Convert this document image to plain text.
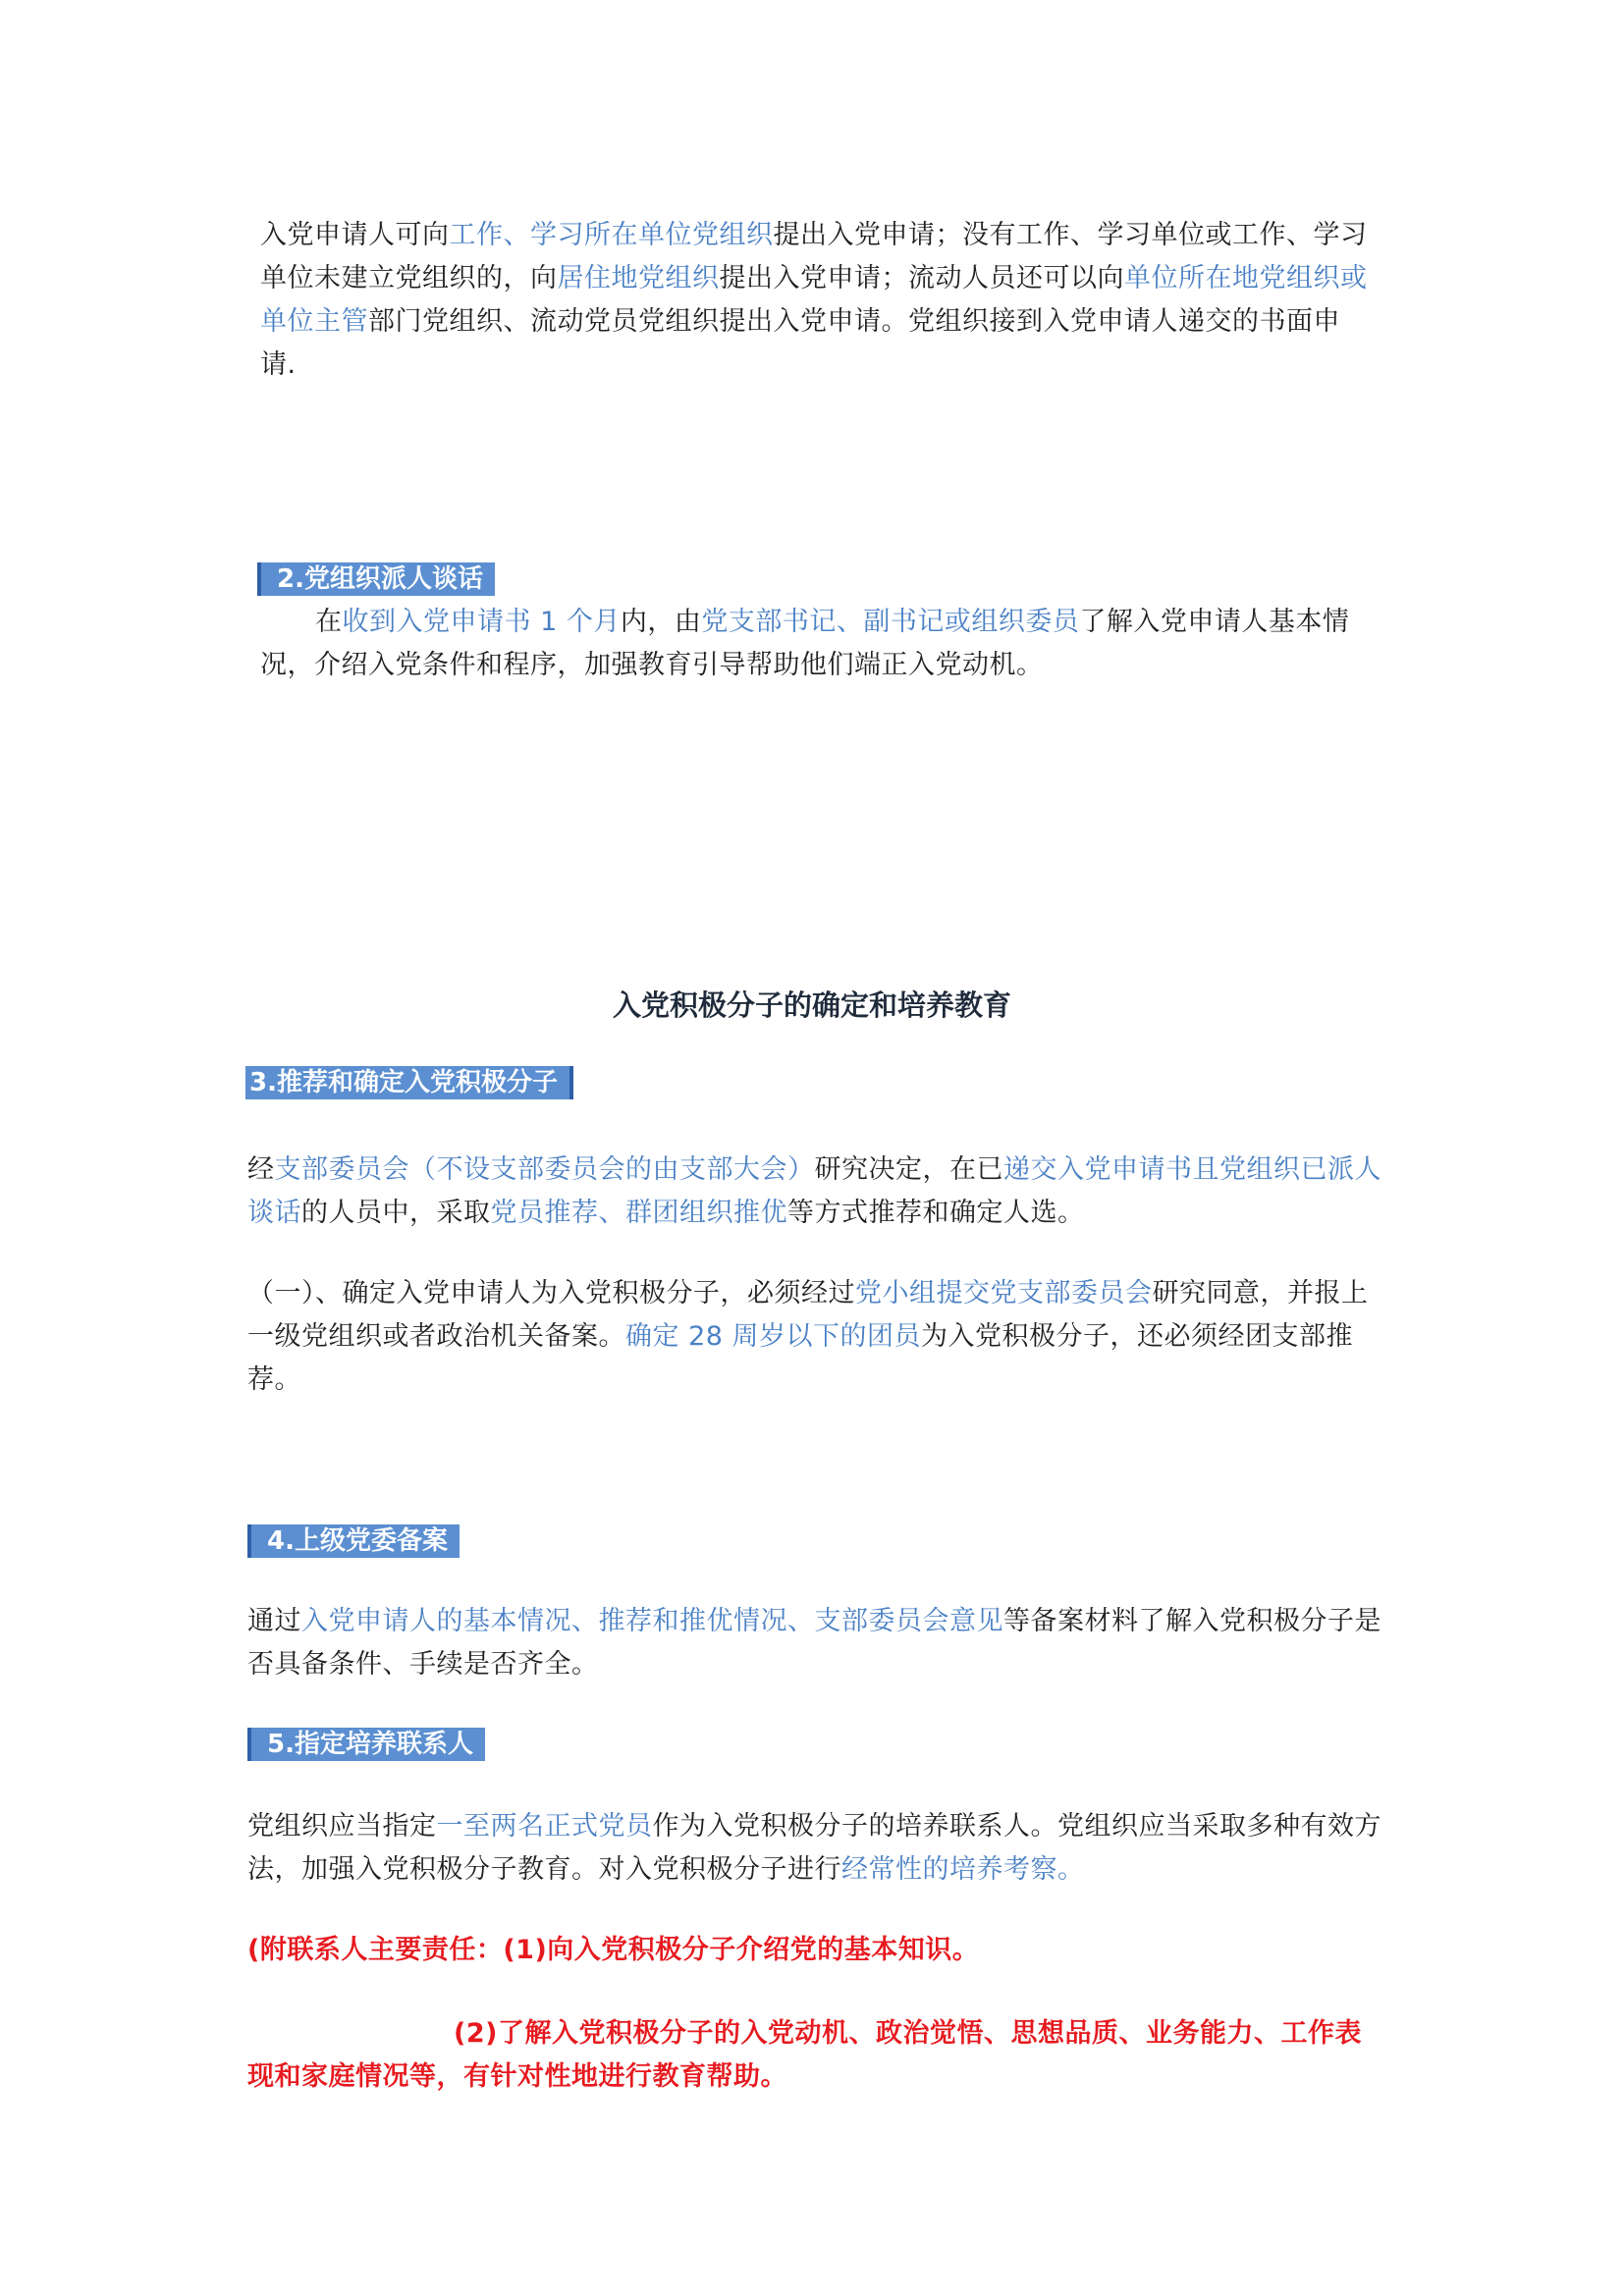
入党申请人可向工作、学习所在单位党组织提出入党申请；没有工作、学习单位或工作、学习单位未建立党组织的，向居住地党组织提出入党申请；流动人员还可以向单位所在地党组织或单位主管部门党组织、流动党员党组织提出入党申请。党组织接到入党申请人递交的书面申请.
2.党组织派人谈话
在收到入党申请书 1 个月内，由党支部书记、副书记或组织委员了解入党申请人基本情况，介绍入党条件和程序，加强教育引导帮助他们端正入党动机。
入党积极分子的确定和培养教育
3.推荐和确定入党积极分子
经支部委员会（不设支部委员会的由支部大会）研究决定，在已递交入党申请书且党组织已派人谈话的人员中，采取党员推荐、群团组织推优等方式推荐和确定人选。
（一）、确定入党申请人为入党积极分子，必须经过党小组提交党支部委员会研究同意，并报上一级党组织或者政治机关备案。确定 28 周岁以下的团员为入党积极分子，还必须经团支部推荐。
4.上级党委备案
通过入党申请人的基本情况、推荐和推优情况、支部委员会意见等备案材料了解入党积极分子是否具备条件、手续是否齐全。
5.指定培养联系人
党组织应当指定一至两名正式党员作为入党积极分子的培养联系人。党组织应当采取多种有效方法，加强入党积极分子教育。对入党积极分子进行经常性的培养考察。
(附联系人主要责任：(1)向入党积极分子介绍党的基本知识。
(2)了解入党积极分子的入党动机、政治觉悟、思想品质、业务能力、工作表现和家庭情况等，有针对性地进行教育帮助。
